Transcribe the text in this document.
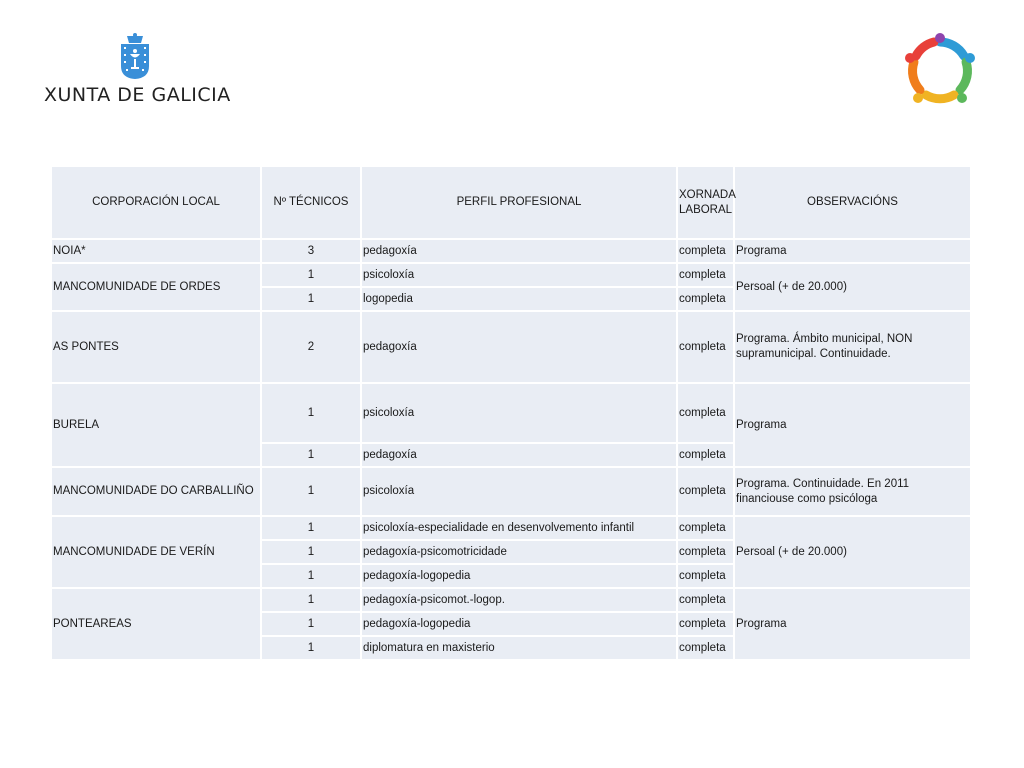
XUNTA DE GALICIA
CORPORACIÓN LOCAL	Nº TÉCNICOS	PERFIL PROFESIONAL	XORNADA LABORAL	OBSERVACIÓNS
NOIA*	3	pedagoxía	completa	Programa
MANCOMUNIDADE DE ORDES	1	psicoloxía	completa	Persoal (+ de 20.000)
	1	logopedia	completa	
AS PONTES	2	pedagoxía	completa	Programa. Ámbito municipal, NON supramunicipal. Continuidade.
BURELA	1	psicoloxía	completa	Programa
	1	pedagoxía	completa	
MANCOMUNIDADE DO CARBALLIÑO	1	psicoloxía	completa	Programa. Continuidade. En 2011 financiouse como psicóloga
MANCOMUNIDADE DE VERÍN	1	psicoloxía-especialidade en desenvolvemento infantil	completa	Persoal (+ de 20.000)
	1	pedagoxía-psicomotricidade	completa	
	1	pedagoxía-logopedia	completa	
PONTEAREAS	1	pedagoxía-psicomot.-logop.	completa	Programa
	1	pedagoxía-logopedia	completa	
	1	diplomatura en maxisterio	completa	
